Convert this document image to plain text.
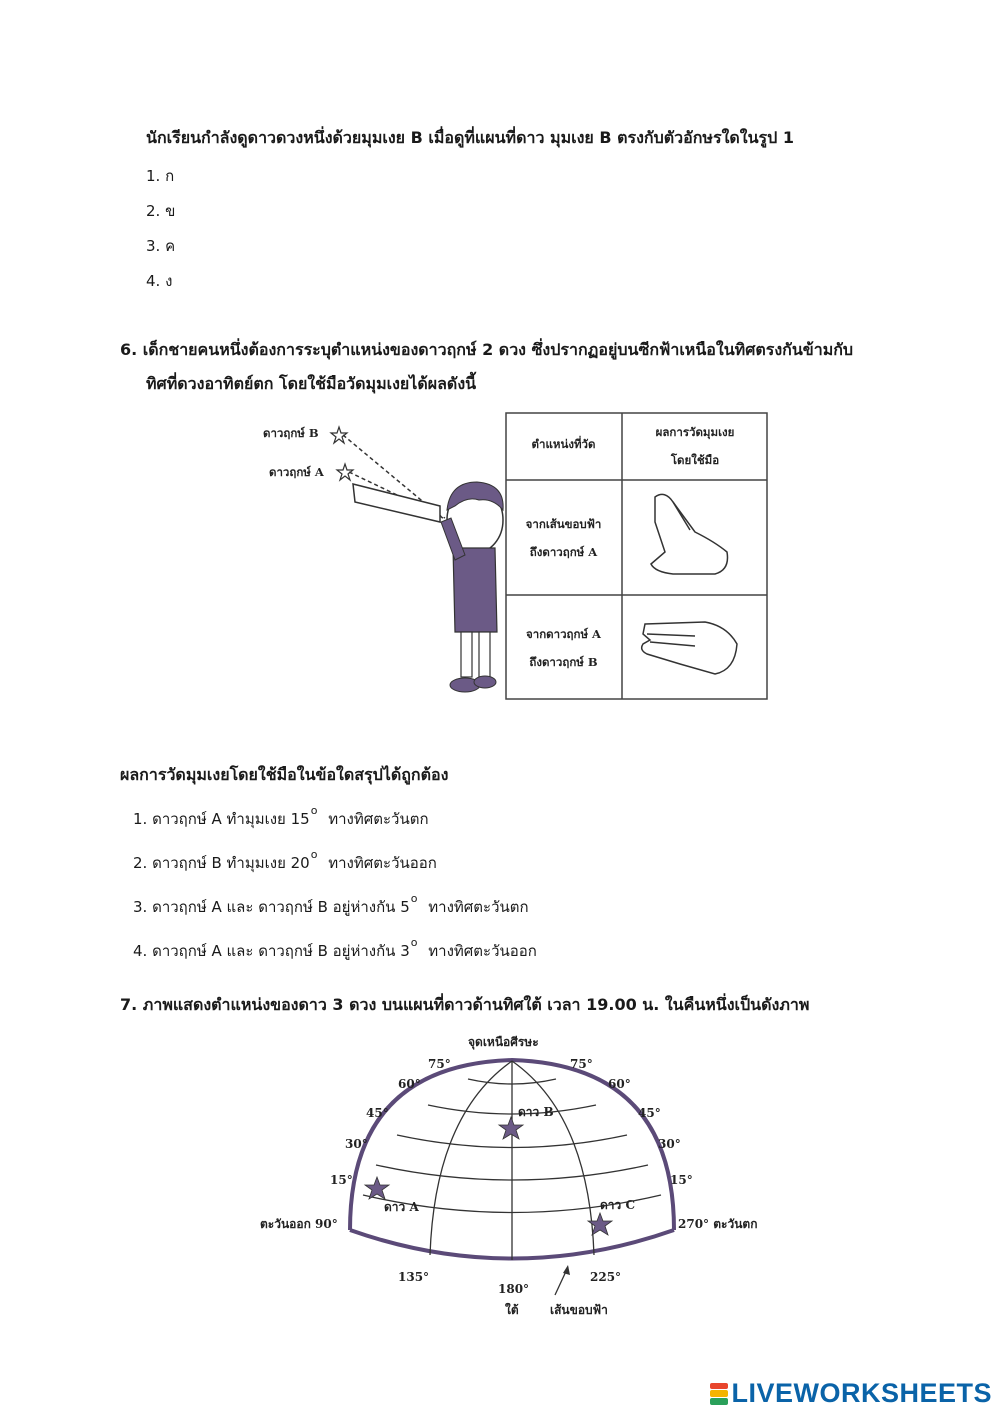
นักเรียนกำลังดูดาวดวงหนึ่งด้วยมุมเงย B เมื่อดูที่แผนที่ดาว มุมเงย B ตรงกับตัวอักษรใดในรูป 1
1. ก
2. ข
3. ค
4. ง
6. เด็กชายคนหนึ่งต้องการระบุตำแหน่งของดาวฤกษ์ 2 ดวง ซึ่งปรากฏอยู่บนซีกฟ้าเหนือในทิศตรงกันข้ามกับ
ทิศที่ดวงอาทิตย์ตก โดยใช้มือวัดมุมเงยได้ผลดังนี้
ดาวฤกษ์ B
ดาวฤกษ์ A
ตำแหน่งที่วัด
ผลการวัดมุมเงย
โดยใช้มือ
จากเส้นขอบฟ้า
ถึงดาวฤกษ์ A
จากดาวฤกษ์ A
ถึงดาวฤกษ์ B
ผลการวัดมุมเงยโดยใช้มือในข้อใดสรุปได้ถูกต้อง
1. ดาวฤกษ์ A ทำมุมเงย 15$^o$ ทางทิศตะวันตก
2. ดาวฤกษ์ B ทำมุมเงย 20$^o$ ทางทิศตะวันออก
3. ดาวฤกษ์ A และ ดาวฤกษ์ B อยู่ห่างกัน 5$^o$ ทางทิศตะวันตก
4. ดาวฤกษ์ A และ ดาวฤกษ์ B อยู่ห่างกัน 3$^o$ ทางทิศตะวันออก
7. ภาพแสดงตำแหน่งของดาว 3 ดวง บนแผนที่ดาวด้านทิศใต้ เวลา 19.00 น. ในคืนหนึ่งเป็นดังภาพ
จุดเหนือศีรษะ
75°
60°
45°
30°
15°
75°
60°
45°
30°
15°
ตะวันออก 90°	270° ตะวันตก
135°
180°
225°
ใต้	เส้นขอบฟ้า
ดาว A
ดาว B
ดาว C
LIVEWORKSHEETS
